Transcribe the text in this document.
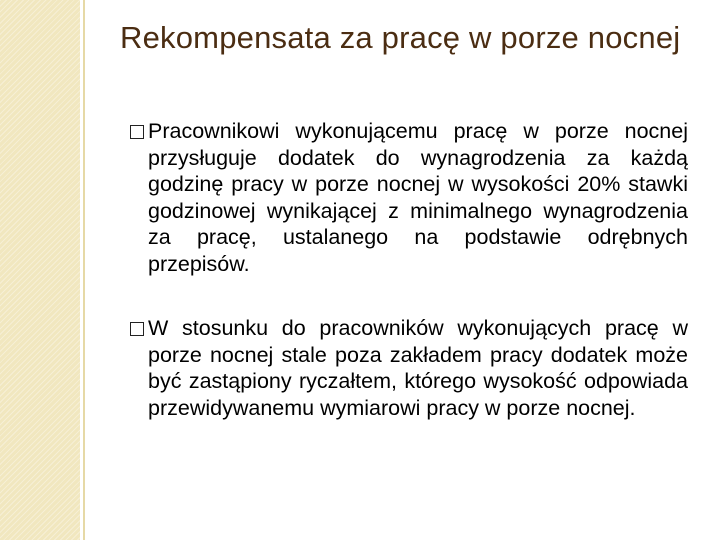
Rekompensata za pracę w porze nocnej
Pracownikowi wykonującemu pracę w porze nocnej przysługuje dodatek do wynagrodzenia za każdą godzinę pracy w porze nocnej w wysokości 20% stawki godzinowej wynikającej z minimalnego wynagrodzenia za pracę, ustalanego na podstawie odrębnych przepisów.
W stosunku do pracowników wykonujących pracę w porze nocnej stale poza zakładem pracy dodatek może być zastąpiony ryczałtem, którego wysokość odpowiada przewidywanemu wymiarowi pracy w porze nocnej.
